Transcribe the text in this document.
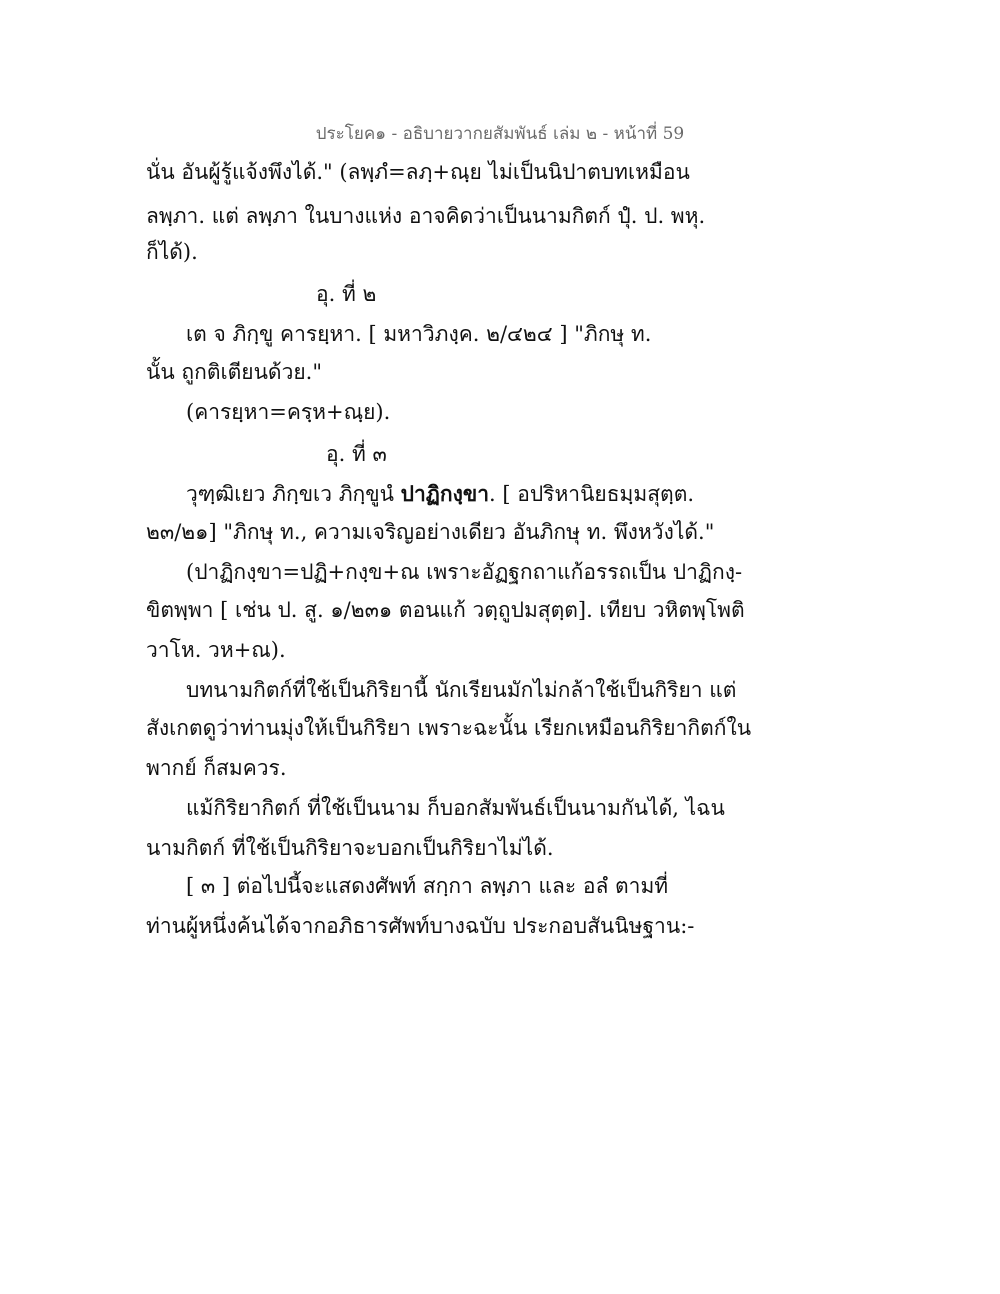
ประโยค๑ - อธิบายวากยสัมพันธ์ เล่ม ๒ - หน้าที่ 59
นั่น อันผู้รู้แจ้งพึงได้." (ลพฺภํ=ลภฺ+ณฺย ไม่เป็นนิปาตบทเหมือน
ลพฺภา. แต่ ลพฺภา ในบางแห่ง อาจคิดว่าเป็นนามกิตก์ ปุํ. ป. พหุ.
ก็ได้).
อุ. ที่ ๒
เต จ ภิกฺขู คารยฺหา. [ มหาวิภงฺค. ๒/๔๒๔ ] "ภิกษุ ท.
นั้น ถูกติเตียนด้วย."
(คารยฺหา=ครฺห+ณฺย).
อุ. ที่ ๓
วุฑฺฒิเยว ภิกฺขเว ภิกฺขูนํ ปาฏิกงฺขา. [ อปริหานิยธมฺมสุตฺต.
๒๓/๒๑] "ภิกษุ ท., ความเจริญอย่างเดียว อันภิกษุ ท. พึงหวังได้."
(ปาฏิกงฺขา=ปฏิ+กงฺข+ณ เพราะอัฏฐกถาแก้อรรถเป็น ปาฏิกงฺ-
ขิตพฺพา [ เช่น ป. สู. ๑/๒๓๑ ตอนแก้ วตฺถูปมสุตฺต]. เทียบ วหิตพฺโพติ
วาโห. วห+ณ).
บทนามกิตก์ที่ใช้เป็นกิริยานี้ นักเรียนมักไม่กล้าใช้เป็นกิริยา แต่
สังเกตดูว่าท่านมุ่งให้เป็นกิริยา เพราะฉะนั้น เรียกเหมือนกิริยากิตก์ใน
พากย์ ก็สมควร.
แม้กิริยากิตก์ ที่ใช้เป็นนาม ก็บอกสัมพันธ์เป็นนามกันได้, ไฉน
นามกิตก์ ที่ใช้เป็นกิริยาจะบอกเป็นกิริยาไม่ได้.
[ ๓ ] ต่อไปนี้จะแสดงศัพท์ สกฺกา ลพฺภา และ อลํ ตามที่
ท่านผู้หนึ่งค้นได้จากอภิธารศัพท์บางฉบับ ประกอบสันนิษฐาน:-
